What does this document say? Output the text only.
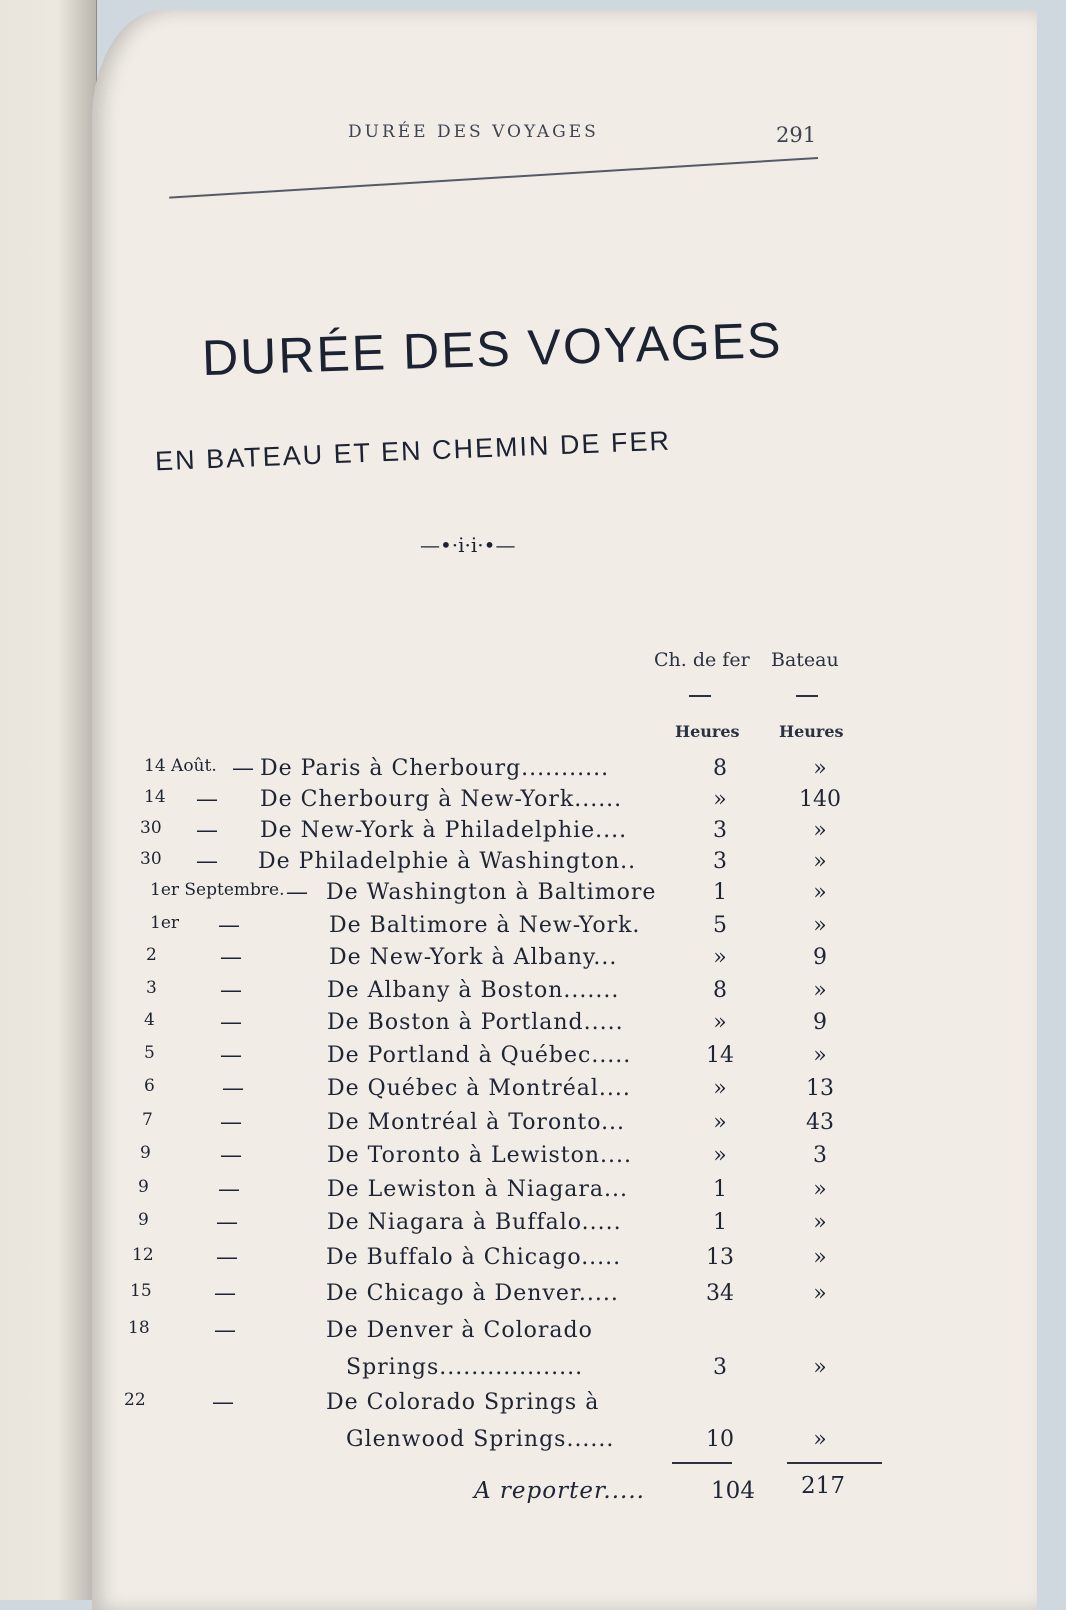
DURÉE DES VOYAGES	291
DURÉE DES VOYAGES
EN BATEAU ET EN CHEMIN DE FER
—•·i·i·•—
Ch. de fer Bateau
Heures Heures
14 Août. — De Paris à Cherbourg...........	8	»
14 — De Cherbourg à New-York......	»	140
30 — De New-York à Philadelphie....	3	»
30 — De Philadelphie à Washington..	3	»
1er Septembre. — De Washington à Baltimore	1	»
1er —	De Baltimore à New-York.	5	»
2	—	De New-York à Albany...	»	9
3	—	De Albany à Boston.......	8	»
4	—	De Boston à Portland.....	»	9
5	—	De Portland à Québec.....	14	»
6	—	De Québec à Montréal....	»	13
7	—	De Montréal à Toronto...	»	43
9	—	De Toronto à Lewiston....	»	3
9	—	De Lewiston à Niagara...	1	»
9	—	De Niagara à Buffalo.....	1	»
12	—	De Buffalo à Chicago.....	13	»
15	—	De Chicago à Denver.....	34	»
18	—	De Denver à Colorado
Springs..................	3	»
22	—	De Colorado Springs à
Glenwood Springs......	10	»
A reporter.....	104	217
